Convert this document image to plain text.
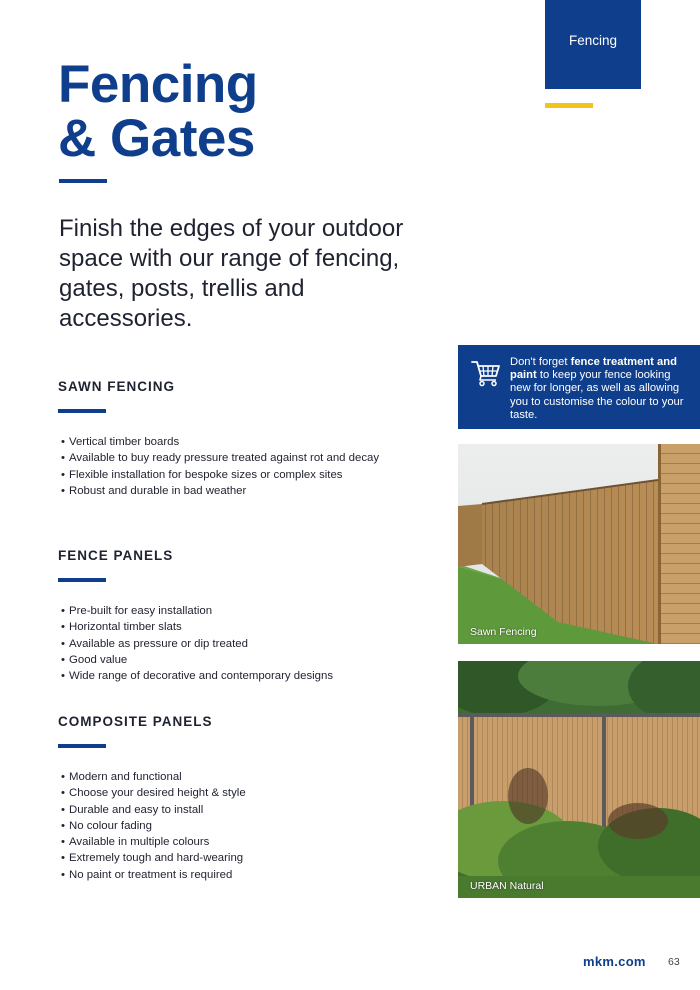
Fencing
Fencing
& Gates

Finish the edges of your outdoor space with our range of fencing, gates, posts, trellis and accessories.

SAWN FENCING
• Vertical timber boards
• Available to buy ready pressure treated against rot and decay
• Flexible installation for bespoke sizes or complex sites
• Robust and durable in bad weather
FENCE PANELS
• Pre-built for easy installation
• Horizontal timber slats
• Available as pressure or dip treated
• Good value
• Wide range of decorative and contemporary designs
COMPOSITE PANELS
• Modern and functional
• Choose your desired height & style
• Durable and easy to install
• No colour fading
• Available in multiple colours
• Extremely tough and hard-wearing
• No paint or treatment is required

Don't forget fence treatment and paint to keep your fence looking new for longer, as well as allowing you to customise the colour to your taste.

Sawn Fencing
URBAN Natural
mkm.com 63
